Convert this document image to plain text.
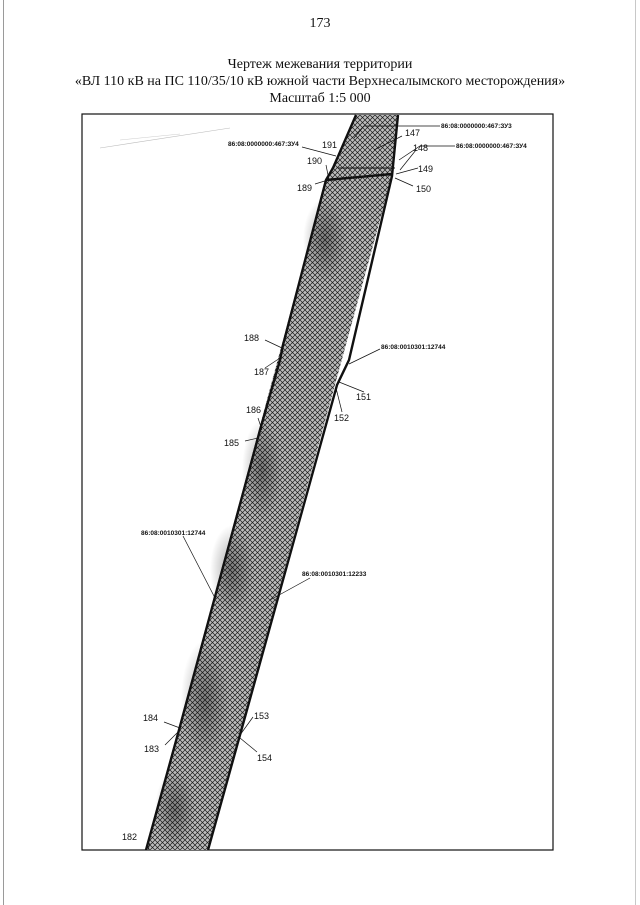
173
Чертеж межевания территории
«ВЛ 110 кВ на ПС 110/35/10 кВ южной части Верхнесалымского месторождения»
Масштаб 1:5 000
147
148
149
150
151
152
153
154
182
183
184
185
186
187
188
189
190
191
86:08:0000000:467:ЗУ3
86:08:0000000:467:ЗУ4	86:08:0000000:467:ЗУ4
86:08:0010301:12744
86:08:0010301:12744
86:08:0010301:12233
